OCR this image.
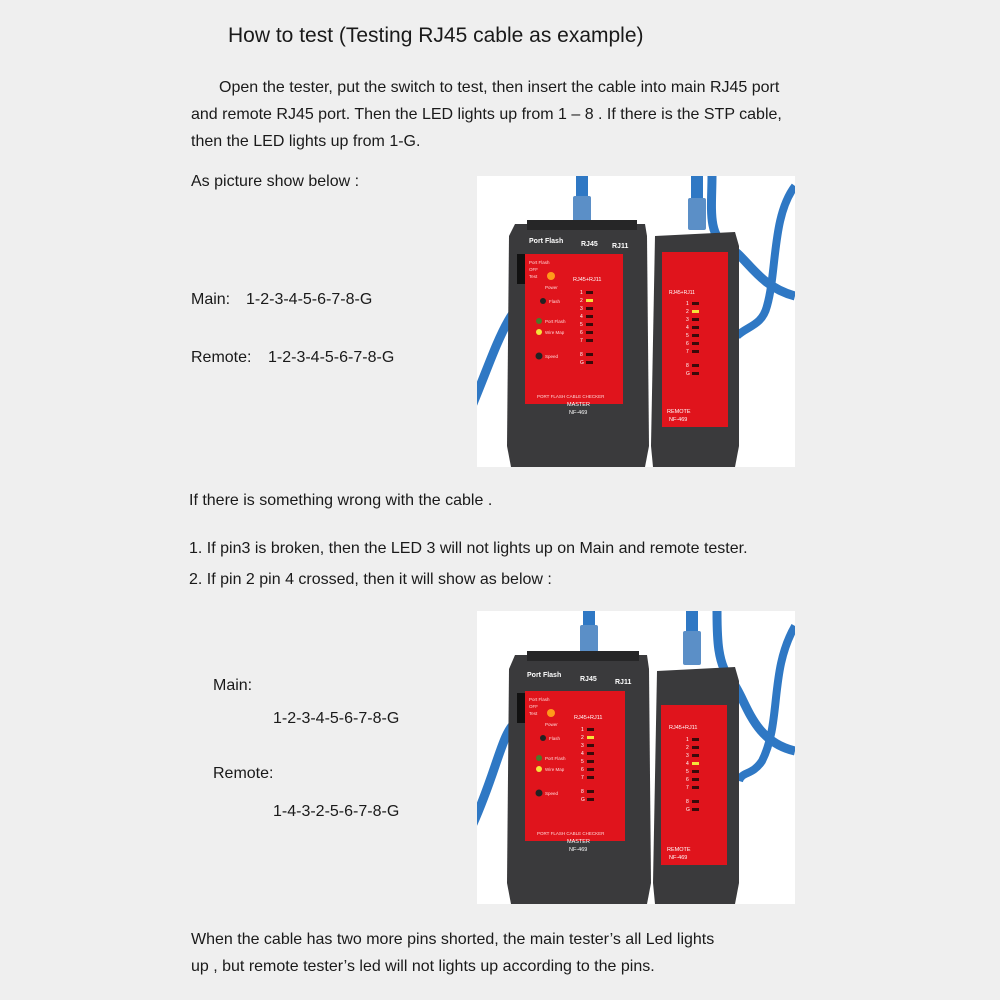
How to test (Testing RJ45 cable as example)
Open the tester, put the switch to test, then insert the cable into main RJ45 port
and remote RJ45 port. Then the LED lights up from 1 – 8 . If there is the STP cable,
then the LED lights up from 1-G.
As picture show below :
Main: 1-2-3-4-5-6-7-8-G
Remote: 1-2-3-4-5-6-7-8-G
Port Flash	RJ45 RJ11
Port Flash
OFF
Test
Power
Flash
Port Flash
Wire Map
Speed
RJ45+RJ11
1
2
3
4
5
6
7
8
G
PORT FLASH CABLE CHECKER
MASTER
NF-469
RJ45+RJ11
1
2
3
4
5
6
7
8
G
REMOTE
NF-469
If there is something wrong with the cable .
1. If pin3 is broken, then the LED 3 will not lights up on Main and remote tester.
2. If pin 2 pin 4 crossed, then it will show as below :
Main:
1-2-3-4-5-6-7-8-G
Remote:
1-4-3-2-5-6-7-8-G
Port Flash
RJ45	RJ11
Port Flash
OFF
Test
Power
Flash
Port Flash
Wire Map
Speed
RJ45+RJ11
1
2
3
4
5
6
7
8
G
PORT FLASH CABLE CHECKER
MASTER
NF-469
RJ45+RJ11
1
2
3
4
5
6
7
8
G
REMOTE
NF-469
When the cable has two more pins shorted, the main tester’s all Led lights
up , but remote tester’s led will not lights up according to the pins.
